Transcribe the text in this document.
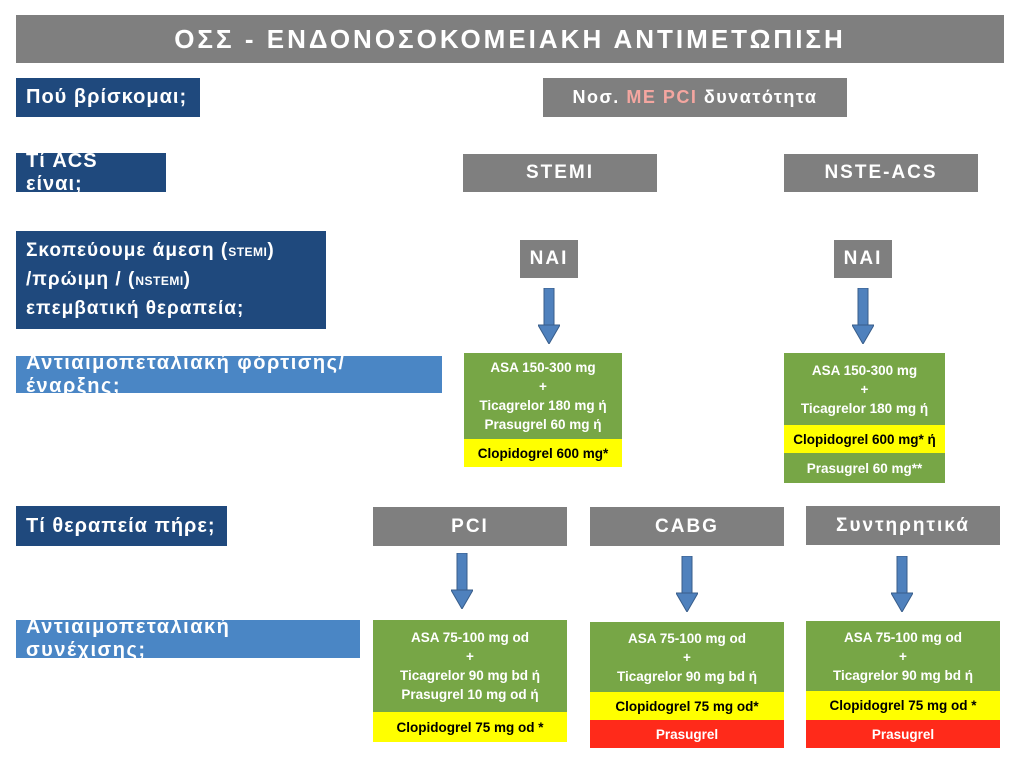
ΟΣΣ - ΕΝΔΟΝΟΣΟΚΟΜΕΙΑΚΗ ΑΝΤΙΜΕΤΩΠΙΣΗ
Πού βρίσκομαι;	Νοσ.
ΜΕ PCI
δυνατότητα
Τί ACS είναι;	STEMI	NSTE-ACS
Σκοπεύουμε άμεση (STEMI)
/πρώιμη / (NSTEMI)
επεμβατική θεραπεία;
ΝΑΙ	ΝΑΙ
Αντιαιμοπεταλιακή φόρτισης/έναρξης;
ASA 150-300 mg
+
Ticagrelor 180 mg ή
Prasugrel 60 mg ή
Clopidogrel 600 mg*
ASA 150-300 mg
+
Ticagrelor 180 mg ή
Clopidogrel 600 mg* ή
Prasugrel 60 mg**
Τί θεραπεία πήρε;	PCI	CABG	Συντηρητικά
Αντιαιμοπεταλιακή συνέχισης;
ASA 75-100 mg od
+
Ticagrelor 90 mg bd ή
Prasugrel 10 mg od ή
Clopidogrel 75 mg od *
ASA 75-100 mg od
+
Ticagrelor 90 mg bd ή
Clopidogrel 75 mg od*
Prasugrel
ASA 75-100 mg od
+
Ticagrelor 90 mg bd ή
Clopidogrel 75 mg od *
Prasugrel
